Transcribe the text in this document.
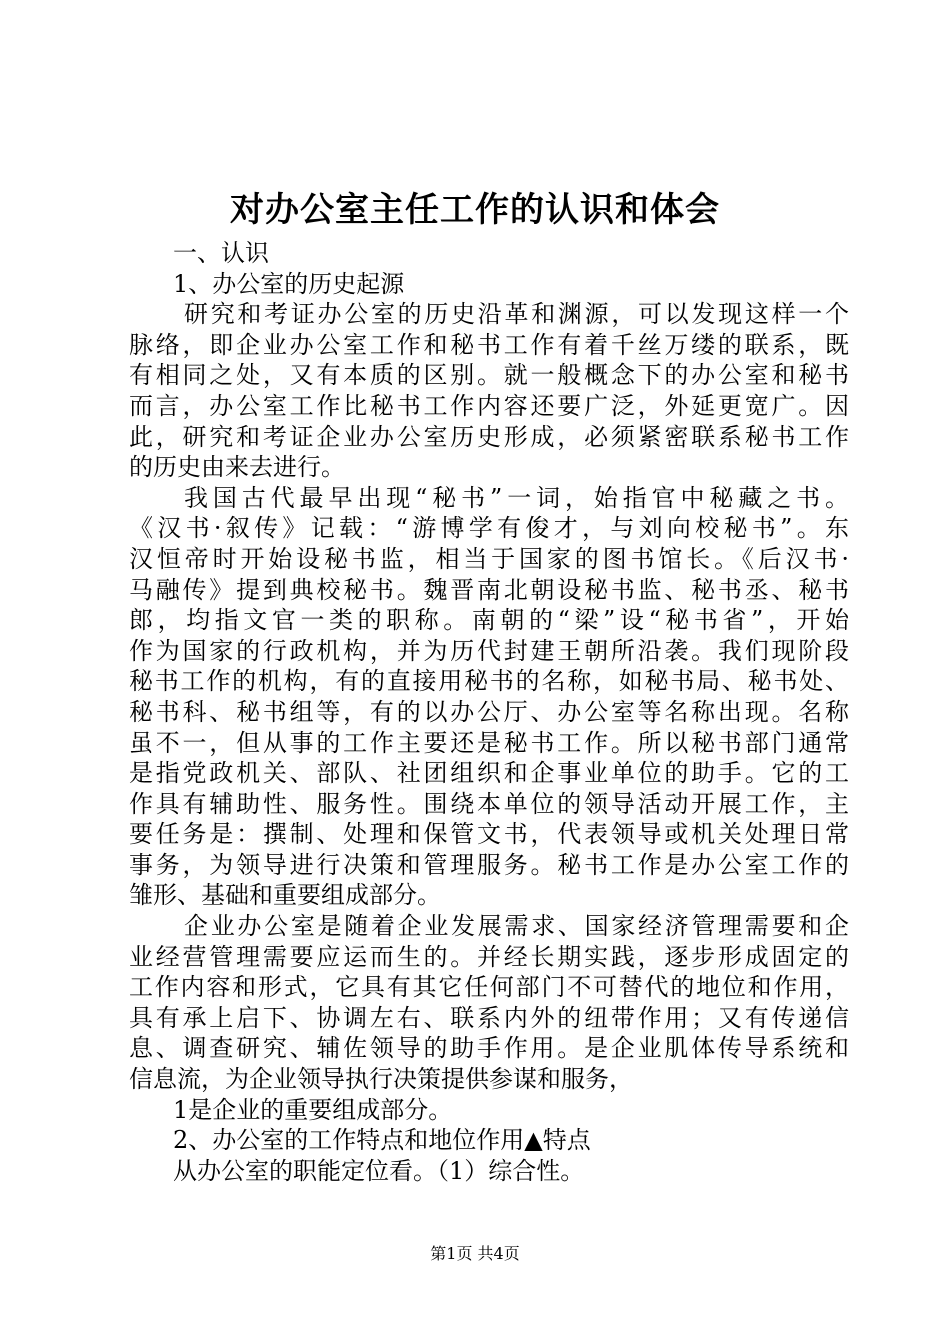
对办公室主任工作的认识和体会

一、认识

1、办公室的历史起源

研究和考证办公室的历史沿革和渊源，可以发现这样一个

脉络，即企业办公室工作和秘书工作有着千丝万缕的联系，既

有相同之处，又有本质的区别。就一般概念下的办公室和秘书

而言，办公室工作比秘书工作内容还要广泛，外延更宽广。因

此，研究和考证企业办公室历史形成，必须紧密联系秘书工作

的历史由来去进行。

我国古代最早出现“秘书”一词，始指官中秘藏之书。

《汉书·叙传》记载：“游博学有俊才，与刘向校秘书”。东

汉恒帝时开始设秘书监，相当于国家的图书馆长。《后汉书·

马融传》提到典校秘书。魏晋南北朝设秘书监、秘书丞、秘书

郎，均指文官一类的职称。南朝的“梁”设“秘书省”，开始

作为国家的行政机构，并为历代封建王朝所沿袭。我们现阶段

秘书工作的机构，有的直接用秘书的名称，如秘书局、秘书处、

秘书科、秘书组等，有的以办公厅、办公室等名称出现。名称

虽不一，但从事的工作主要还是秘书工作。所以秘书部门通常

是指党政机关、部队、社团组织和企事业单位的助手。它的工

作具有辅助性、服务性。围绕本单位的领导活动开展工作，主

要任务是：撰制、处理和保管文书，代表领导或机关处理日常

事务，为领导进行决策和管理服务。秘书工作是办公室工作的

雏形、基础和重要组成部分。

企业办公室是随着企业发展需求、国家经济管理需要和企

业经营管理需要应运而生的。并经长期实践，逐步形成固定的

工作内容和形式，它具有其它任何部门不可替代的地位和作用，

具有承上启下、协调左右、联系内外的纽带作用；又有传递信

息、调查研究、辅佐领导的助手作用。是企业肌体传导系统和

信息流，为企业领导执行决策提供参谋和服务，

1是企业的重要组成部分。

2、办公室的工作特点和地位作用▲特点

从办公室的职能定位看。（1）综合性。

第1页 共4页
